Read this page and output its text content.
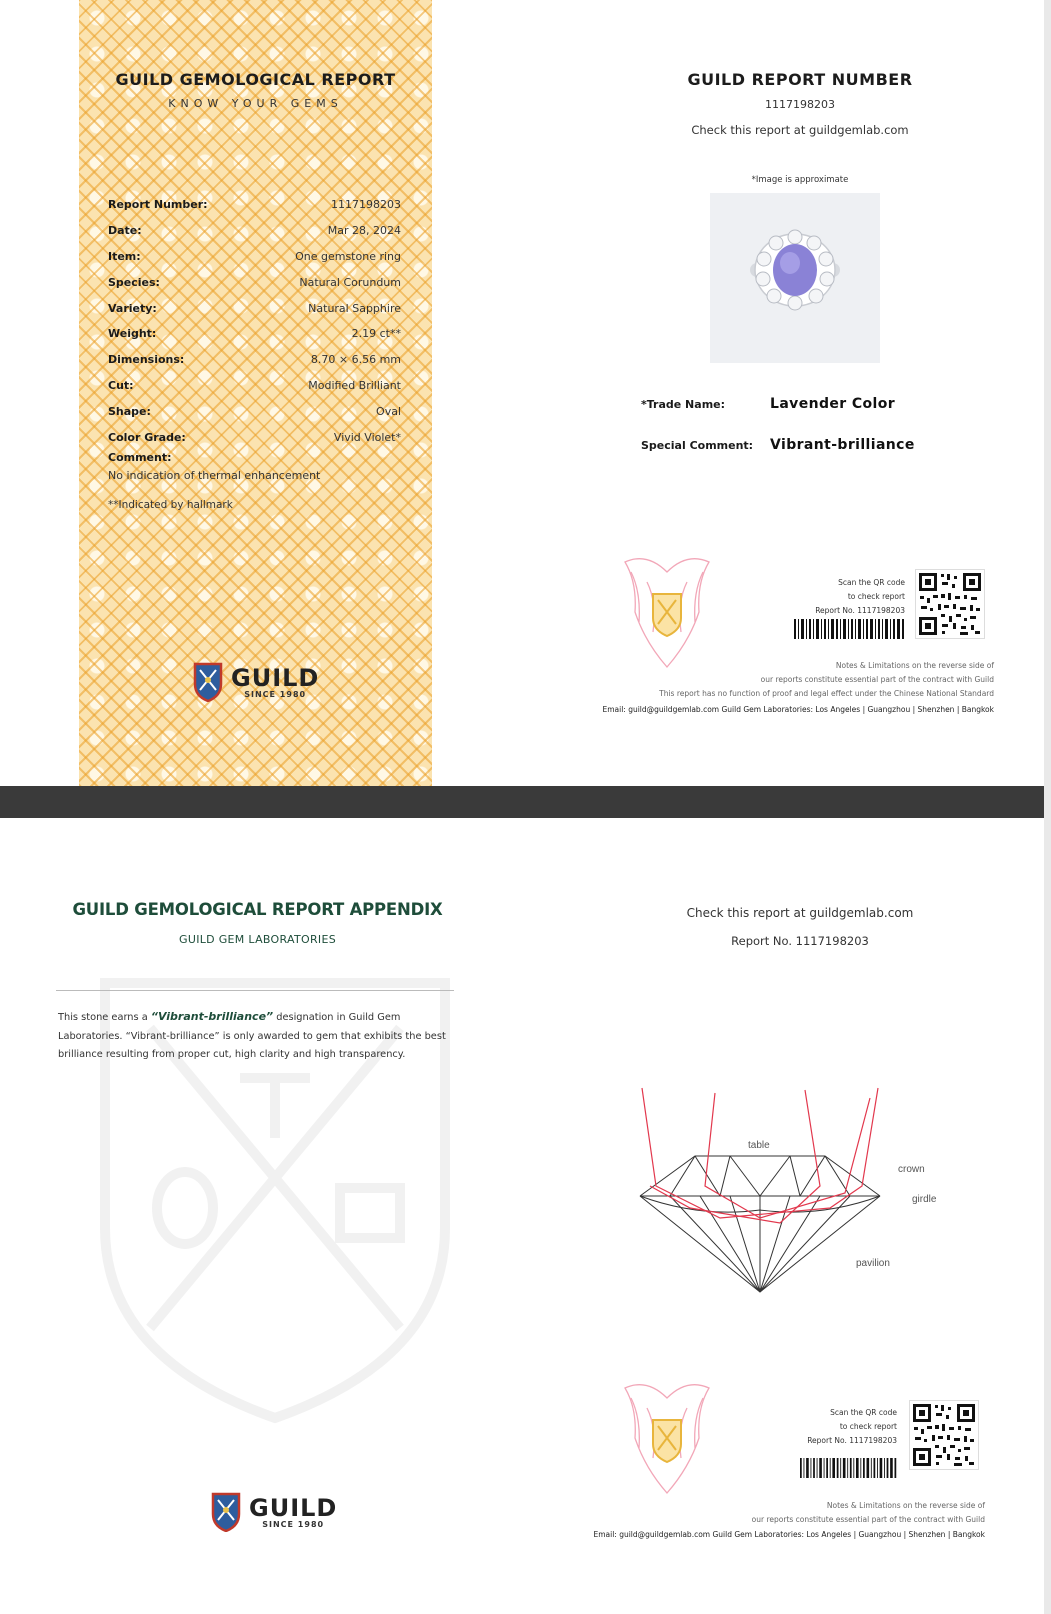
GUILD GEMOLOGICAL REPORT
KNOW YOUR GEMS
Report Number:	1117198203
Date:	Mar 28, 2024
Item:	One gemstone ring
Species:	Natural Corundum
Variety:	Natural Sapphire
Weight:	2.19 ct**
Dimensions:	8.70 × 6.56 mm
Cut:	Modified Brilliant
Shape:	Oval
Color Grade:	Vivid Violet*
Comment:
No indication of thermal enhancement
**Indicated by hallmark
GUILD
SINCE 1980
GUILD REPORT NUMBER
1117198203
Check this report at guildgemlab.com
*Image is approximate
*Trade Name:	Lavender Color
Special Comment: Vibrant-brilliance
Scan the QR code
to check report
Report No. 1117198203
Notes & Limitations on the reverse side of
our reports constitute essential part of the contract with Guild
This report has no function of proof and legal effect under the Chinese National Standard
Email: guild@guildgemlab.com Guild Gem Laboratories: Los Angeles | Guangzhou | Shenzhen | Bangkok
GUILD GEMOLOGICAL REPORT APPENDIX
GUILD GEM LABORATORIES
This stone earns a “Vibrant-brilliance” designation in Guild Gem Laboratories. “Vibrant-brilliance” is only awarded to gem that exhibits the best brilliance resulting from proper cut, high clarity and high transparency.
GUILD
SINCE 1980
Check this report at guildgemlab.com
Report No. 1117198203
table
crown
girdle
pavilion
Scan the QR code
to check report
Report No. 1117198203
Notes & Limitations on the reverse side of
our reports constitute essential part of the contract with Guild
Email: guild@guildgemlab.com Guild Gem Laboratories: Los Angeles | Guangzhou | Shenzhen | Bangkok
